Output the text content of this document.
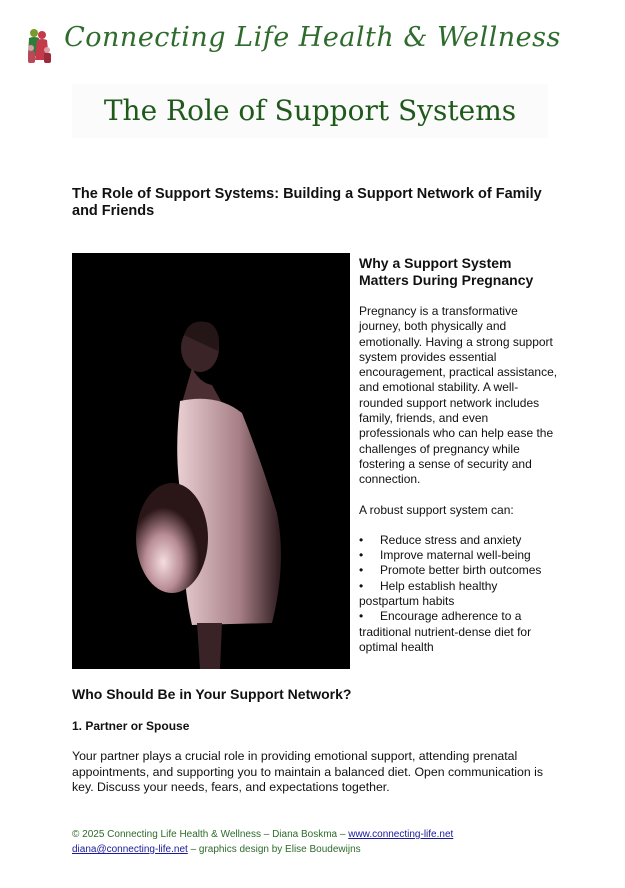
Connecting Life Health & Wellness
The Role of Support Systems
The Role of Support Systems: Building a Support Network of Family and Friends
Why a Support System Matters During Pregnancy

Pregnancy is a transformative journey, both physically and emotionally. Having a strong support system provides essential encouragement, practical assistance, and emotional stability. A well-rounded support network includes family, friends, and even professionals who can help ease the challenges of pregnancy while fostering a sense of security and connection.

A robust support system can:

• Reduce stress and anxiety
• Improve maternal well-being
• Promote better birth outcomes
• Help establish healthy postpartum habits
• Encourage adherence to a traditional nutrient-dense diet for optimal health
Who Should Be in Your Support Network?
1. Partner or Spouse
Your partner plays a crucial role in providing emotional support, attending prenatal appointments, and supporting you to maintain a balanced diet. Open communication is key. Discuss your needs, fears, and expectations together.
© 2025 Connecting Life Health & Wellness – Diana Boskma – www.connecting-life.net
diana@connecting-life.net – graphics design by Elise Boudewijns
